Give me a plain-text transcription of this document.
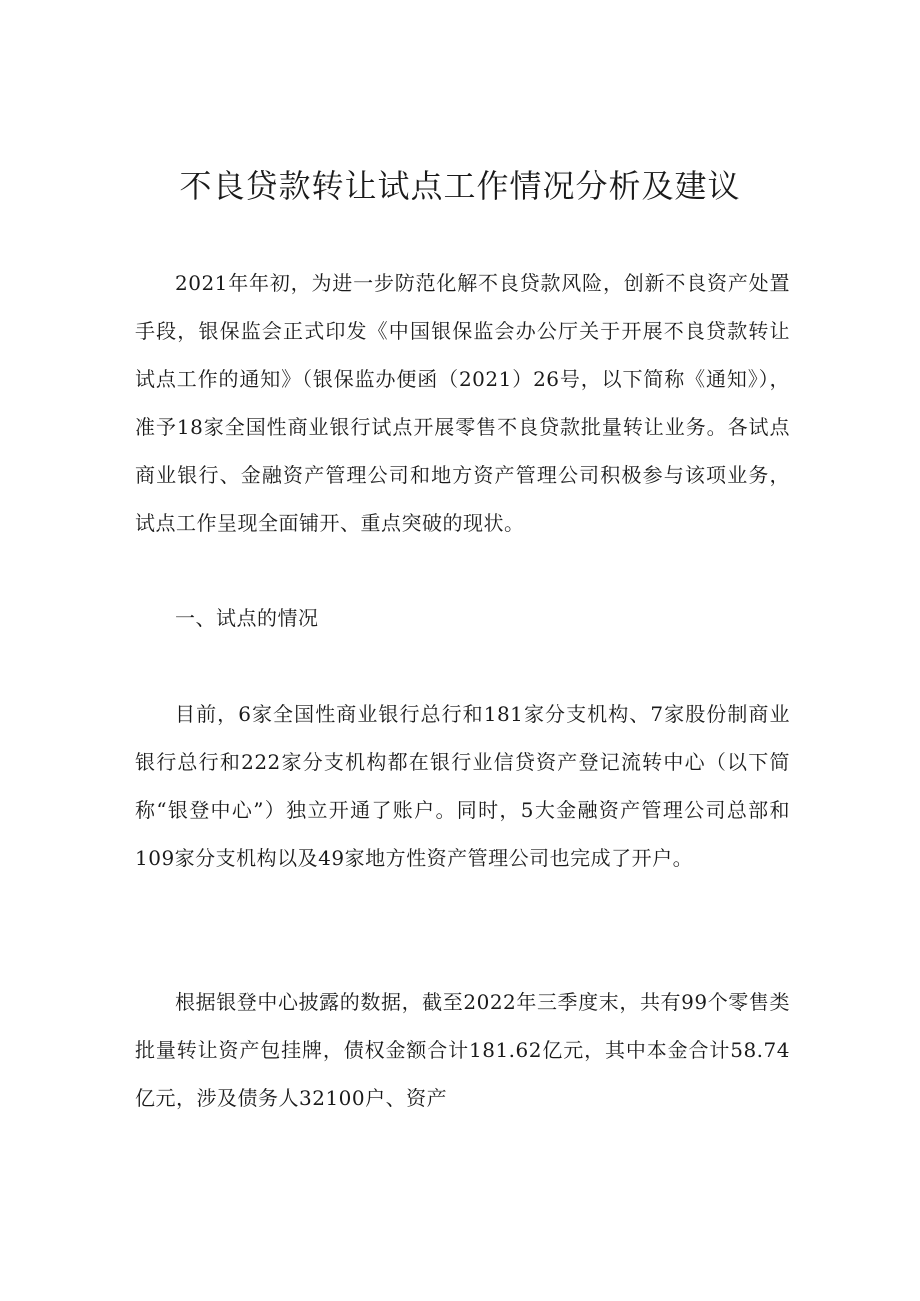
不良贷款转让试点工作情况分析及建议

2021年年初，为进一步防范化解不良贷款风险，创新不良资产处置手段，银保监会正式印发《中国银保监会办公厅关于开展不良贷款转让试点工作的通知》（银保监办便函（2021）26号，以下简称《通知》），准予18家全国性商业银行试点开展零售不良贷款批量转让业务。各试点商业银行、金融资产管理公司和地方资产管理公司积极参与该项业务，试点工作呈现全面铺开、重点突破的现状。

一、试点的情况

目前，6家全国性商业银行总行和181家分支机构、7家股份制商业银行总行和222家分支机构都在银行业信贷资产登记流转中心（以下简称“银登中心”）独立开通了账户。同时，5大金融资产管理公司总部和109家分支机构以及49家地方性资产管理公司也完成了开户。

根据银登中心披露的数据，截至2022年三季度末，共有99个零售类批量转让资产包挂牌，债权金额合计181.62亿元，其中本金合计58.74亿元，涉及债务人32100户、资产
